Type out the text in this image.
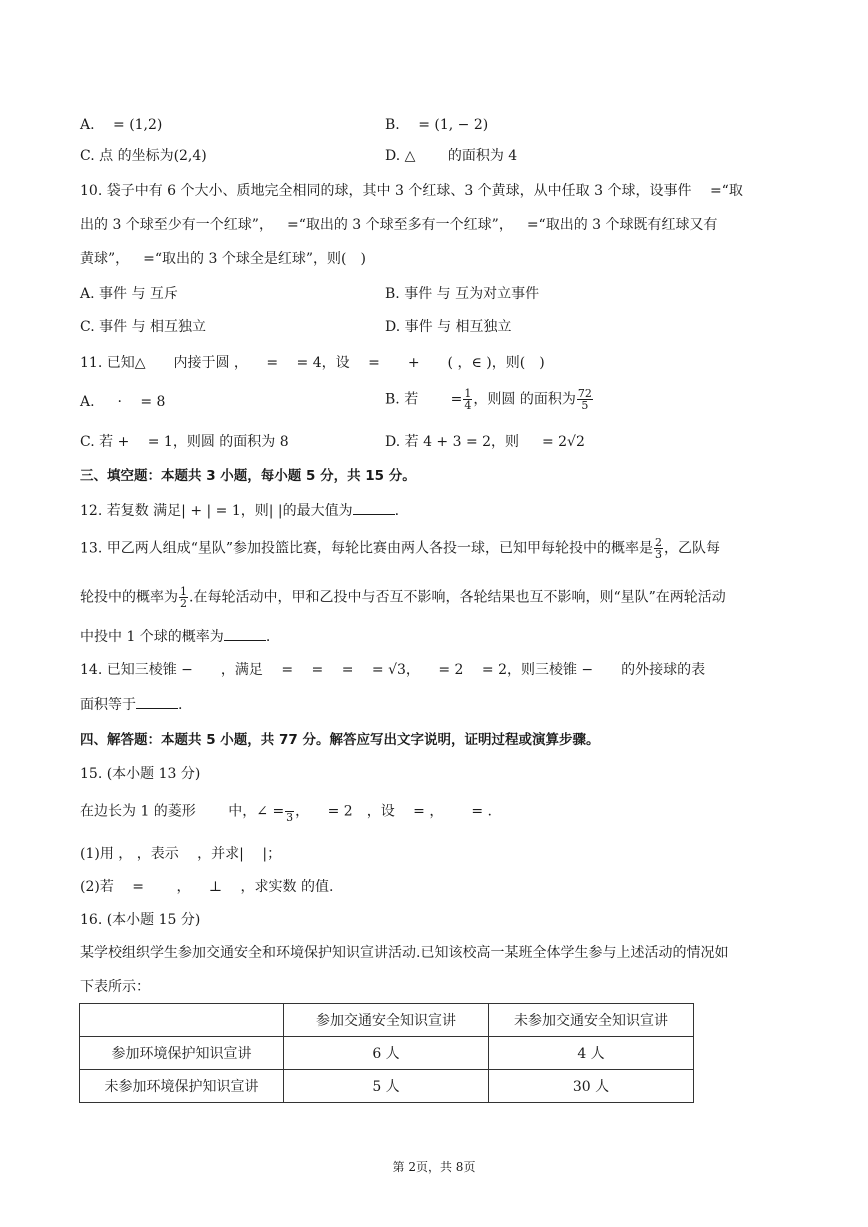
A.  = (1,2)	B.  = (1, − 2)
C. 点 的坐标为(2,4)	D. △   的面积为 4
10. 袋子中有 6 个大小、质地完全相同的球，其中 3 个红球、3 个黄球，从中任取 3 个球，设事件  =“取
出的 3 个球至少有一个红球”， =“取出的 3 个球至多有一个红球”， =“取出的 3 个球既有红球又有
黄球”， =“取出的 3 个球全是红球”，则( )
A. 事件 与 互斥	B. 事件 与 互为对立事件
C. 事件 与 相互独立	D. 事件 与 相互独立
11. 已知△  内接于圆 ，  =  = 4，设  =  +  ( ，∈ )，则( )
A.   ·  = 8	B. 若   = $\frac{1}{4}$ ，则圆 的面积为 $\frac{72}{5}$
C. 若 +  = 1，则圆 的面积为 8	D. 若 4 + 3 = 2，则   = 2√2
三、填空题：本题共 3 小题，每小题 5 分，共 15 分。
12. 若复数 满足| + | = 1，则| |的最大值为	.
13. 甲乙两人组成“星队”参加投篮比赛，每轮比赛由两人各投一球，已知甲每轮投中的概率是 $\frac{2}{3}$ ，乙队每
轮投中的概率为 $\frac{1}{2}$ .在每轮活动中，甲和乙投中与否互不影响，各轮结果也互不影响，则“星队”在两轮活动
中投中 1 个球的概率为	.
14. 已知三棱锥 −  ，满足  =  =  =  = √3，  = 2  = 2，则三棱锥 −  的外接球的表
面积等于	.
四、解答题：本题共 5 小题，共 77 分。解答应写出文字说明，证明过程或演算步骤。
15. (本小题 13 分)
在边长为 1 的菱形   中，∠ =
3 ，  = 2 ，设  = ，  = .
(1)用 ， ，表示  ，并求|  |；
(2)若  =   ，  ⊥  ，求实数 的值.
16. (本小题 15 分)
某学校组织学生参加交通安全和环境保护知识宣讲活动.已知该校高一某班全体学生参与上述活动的情况如
下表所示：
	参加交通安全知识宣讲	未参加交通安全知识宣讲
参加环境保护知识宣讲	6 人	4 人
未参加环境保护知识宣讲	5 人	30 人
第 2页，共 8页
